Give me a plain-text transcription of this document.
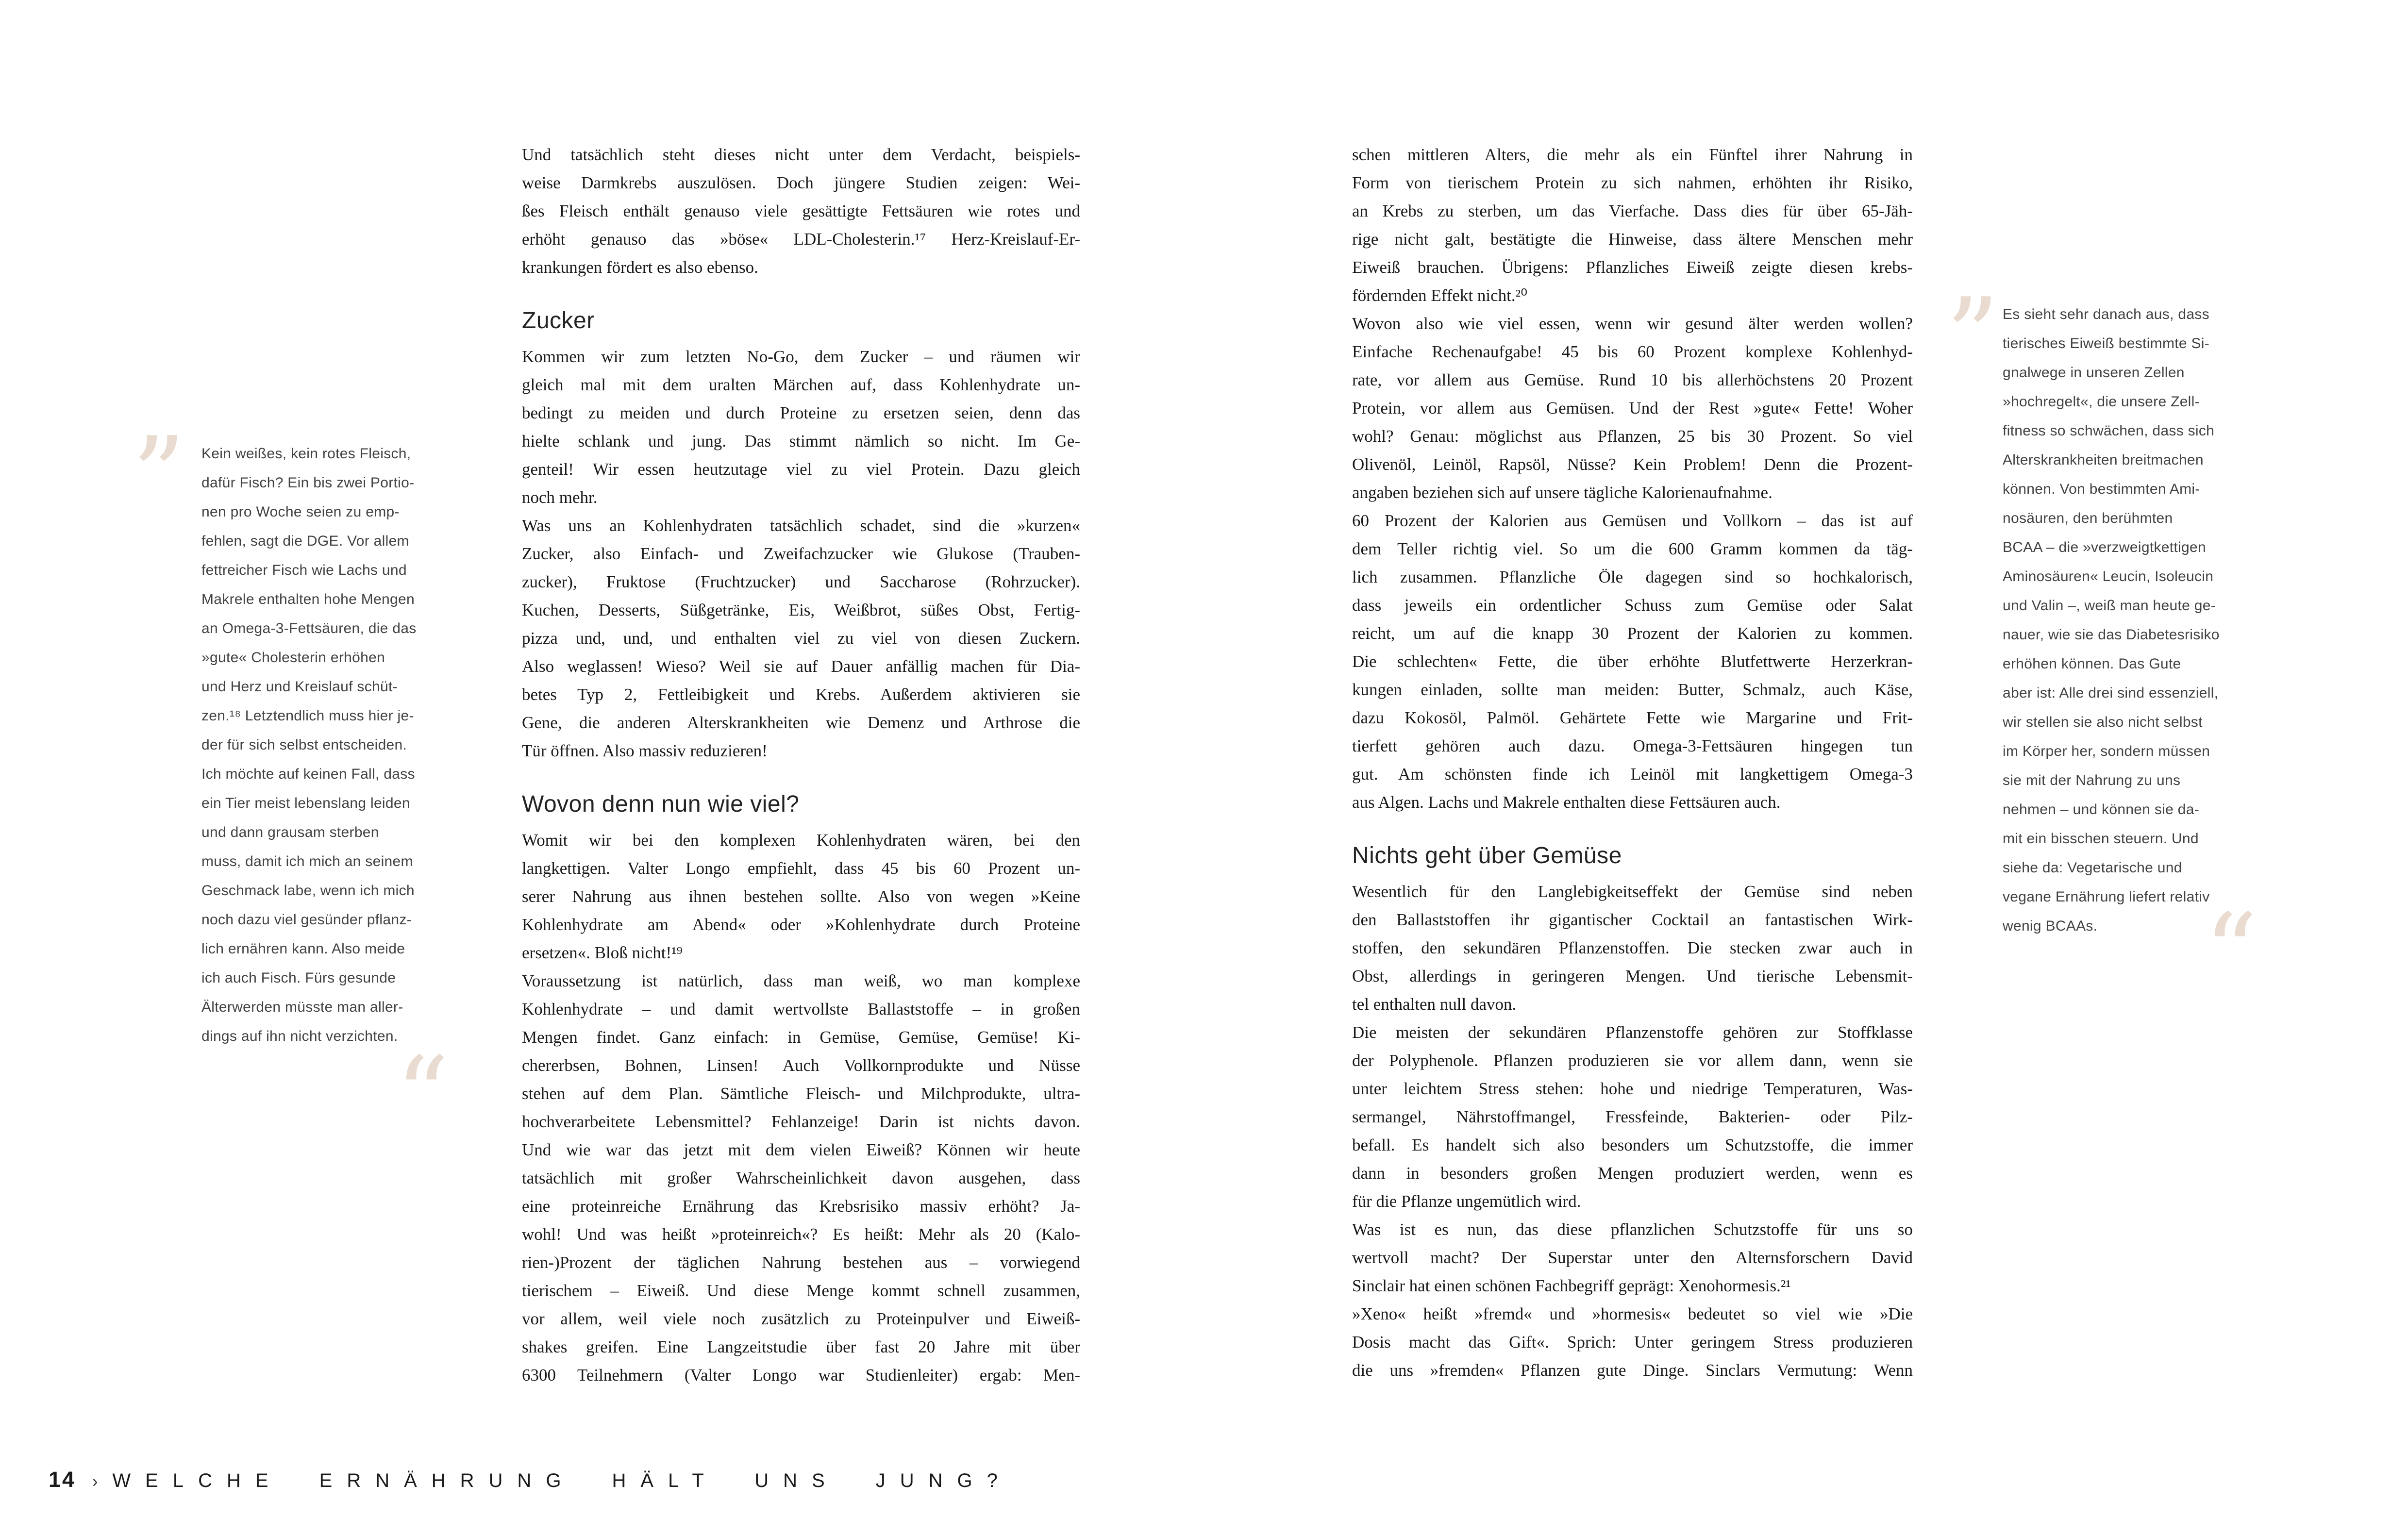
” Kein weißes, kein rotes Fleisch,
dafür Fisch? Ein bis zwei Portio-
nen pro Woche seien zu emp-
fehlen, sagt die DGE. Vor allem
fettreicher Fisch wie Lachs und
Makrele enthalten hohe Mengen
an Omega-3-Fettsäuren, die das
»gute« Cholesterin erhöhen
und Herz und Kreislauf schüt-
zen.¹⁸ Letztendlich muss hier je-
der für sich selbst entscheiden.
Ich möchte auf keinen Fall, dass
ein Tier meist lebenslang leiden
und dann grausam sterben
muss, damit ich mich an seinem
Geschmack labe, wenn ich mich
noch dazu viel gesünder pflanz-
lich ernähren kann. Also meide
ich auch Fisch. Fürs gesunde
Älterwerden müsste man aller-
dings auf ihn nicht verzichten.
“
Und tatsächlich steht dieses nicht unter dem Verdacht, beispiels-
weise Darmkrebs auszulösen. Doch jüngere Studien zeigen: Wei-
ßes Fleisch enthält genauso viele gesättigte Fettsäuren wie rotes und
erhöht genauso das »böse« LDL-Cholesterin.¹⁷ Herz-Kreislauf-Er-
krankungen fördert es also ebenso.
Zucker
Kommen wir zum letzten No-Go, dem Zucker – und räumen wir
gleich mal mit dem uralten Märchen auf, dass Kohlenhydrate un-
bedingt zu meiden und durch Proteine zu ersetzen seien, denn das
hielte schlank und jung. Das stimmt nämlich so nicht. Im Ge-
genteil! Wir essen heutzutage viel zu viel Protein. Dazu gleich
noch mehr.
Was uns an Kohlenhydraten tatsächlich schadet, sind die »kurzen«
Zucker, also Einfach- und Zweifachzucker wie Glukose (Trauben-
zucker), Fruktose (Fruchtzucker) und Saccharose (Rohrzucker).
Kuchen, Desserts, Süßgetränke, Eis, Weißbrot, süßes Obst, Fertig-
pizza und, und, und enthalten viel zu viel von diesen Zuckern.
Also weglassen! Wieso? Weil sie auf Dauer anfällig machen für Dia-
betes Typ 2, Fettleibigkeit und Krebs. Außerdem aktivieren sie
Gene, die anderen Alterskrankheiten wie Demenz und Arthrose die
Tür öffnen. Also massiv reduzieren!
Wovon denn nun wie viel?
Womit wir bei den komplexen Kohlenhydraten wären, bei den
langkettigen. Valter Longo empfiehlt, dass 45 bis 60 Prozent un-
serer Nahrung aus ihnen bestehen sollte. Also von wegen »Keine
Kohlenhydrate am Abend« oder »Kohlenhydrate durch Proteine
ersetzen«. Bloß nicht!¹⁹
Voraussetzung ist natürlich, dass man weiß, wo man komplexe
Kohlenhydrate – und damit wertvollste Ballaststoffe – in großen
Mengen findet. Ganz einfach: in Gemüse, Gemüse, Gemüse! Ki-
chererbsen, Bohnen, Linsen! Auch Vollkornprodukte und Nüsse
stehen auf dem Plan. Sämtliche Fleisch- und Milchprodukte, ultra-
hochverarbeitete Lebensmittel? Fehlanzeige! Darin ist nichts davon.
Und wie war das jetzt mit dem vielen Eiweiß? Können wir heute
tatsächlich mit großer Wahrscheinlichkeit davon ausgehen, dass
eine proteinreiche Ernährung das Krebsrisiko massiv erhöht? Ja-
wohl! Und was heißt »proteinreich«? Es heißt: Mehr als 20 (Kalo-
rien-)Prozent der täglichen Nahrung bestehen aus – vorwiegend
tierischem – Eiweiß. Und diese Menge kommt schnell zusammen,
vor allem, weil viele noch zusätzlich zu Proteinpulver und Eiweiß-
shakes greifen. Eine Langzeitstudie über fast 20 Jahre mit über
6300 Teilnehmern (Valter Longo war Studienleiter) ergab: Men-
schen mittleren Alters, die mehr als ein Fünftel ihrer Nahrung in
Form von tierischem Protein zu sich nahmen, erhöhten ihr Risiko,
an Krebs zu sterben, um das Vierfache. Dass dies für über 65-Jäh-
rige nicht galt, bestätigte die Hinweise, dass ältere Menschen mehr
Eiweiß brauchen. Übrigens: Pflanzliches Eiweiß zeigte diesen krebs-
fördernden Effekt nicht.²⁰
Wovon also wie viel essen, wenn wir gesund älter werden wollen?
Einfache Rechenaufgabe! 45 bis 60 Prozent komplexe Kohlenhyd-
rate, vor allem aus Gemüse. Rund 10 bis allerhöchstens 20 Prozent
Protein, vor allem aus Gemüsen. Und der Rest »gute« Fette! Woher
wohl? Genau: möglichst aus Pflanzen, 25 bis 30 Prozent. So viel
Olivenöl, Leinöl, Rapsöl, Nüsse? Kein Problem! Denn die Prozent-
angaben beziehen sich auf unsere tägliche Kalorienaufnahme.
60 Prozent der Kalorien aus Gemüsen und Vollkorn – das ist auf
dem Teller richtig viel. So um die 600 Gramm kommen da täg-
lich zusammen. Pflanzliche Öle dagegen sind so hochkalorisch,
dass jeweils ein ordentlicher Schuss zum Gemüse oder Salat
reicht, um auf die knapp 30 Prozent der Kalorien zu kommen.
Die schlechten« Fette, die über erhöhte Blutfettwerte Herzerkran-
kungen einladen, sollte man meiden: Butter, Schmalz, auch Käse,
dazu Kokosöl, Palmöl. Gehärtete Fette wie Margarine und Frit-
tierfett gehören auch dazu. Omega-3-Fettsäuren hingegen tun
gut. Am schönsten finde ich Leinöl mit langkettigem Omega-3
aus Algen. Lachs und Makrele enthalten diese Fettsäuren auch.
Nichts geht über Gemüse
Wesentlich für den Langlebigkeitseffekt der Gemüse sind neben
den Ballaststoffen ihr gigantischer Cocktail an fantastischen Wirk-
stoffen, den sekundären Pflanzenstoffen. Die stecken zwar auch in
Obst, allerdings in geringeren Mengen. Und tierische Lebensmit-
tel enthalten null davon.
Die meisten der sekundären Pflanzenstoffe gehören zur Stoffklasse
der Polyphenole. Pflanzen produzieren sie vor allem dann, wenn sie
unter leichtem Stress stehen: hohe und niedrige Temperaturen, Was-
sermangel, Nährstoffmangel, Fressfeinde, Bakterien- oder Pilz-
befall. Es handelt sich also besonders um Schutzstoffe, die immer
dann in besonders großen Mengen produziert werden, wenn es
für die Pflanze ungemütlich wird.
Was ist es nun, das diese pflanzlichen Schutzstoffe für uns so
wertvoll macht? Der Superstar unter den Alternsforschern David
Sinclair hat einen schönen Fachbegriff geprägt: Xenohormesis.²¹
»Xeno« heißt »fremd« und »hormesis« bedeutet so viel wie »Die
Dosis macht das Gift«. Sprich: Unter geringem Stress produzieren
die uns »fremden« Pflanzen gute Dinge. Sinclars Vermutung: Wenn
” Es sieht sehr danach aus, dass
tierisches Eiweiß bestimmte Si-
gnalwege in unseren Zellen
»hochregelt«, die unsere Zell-
fitness so schwächen, dass sich
Alterskrankheiten breitmachen
können. Von bestimmten Ami-
nosäuren, den berühmten
BCAA – die »verzweigtkettigen
Aminosäuren« Leucin, Isoleucin
und Valin –, weiß man heute ge-
nauer, wie sie das Diabetesrisiko
erhöhen können. Das Gute
aber ist: Alle drei sind essenziell,
wir stellen sie also nicht selbst
im Körper her, sondern müssen
sie mit der Nahrung zu uns
nehmen – und können sie da-
mit ein bisschen steuern. Und
siehe da: Vegetarische und
vegane Ernährung liefert relativ
wenig BCAAs.	“
14 › WELCHE ERNÄHRUNG HÄLT UNS JUNG?
